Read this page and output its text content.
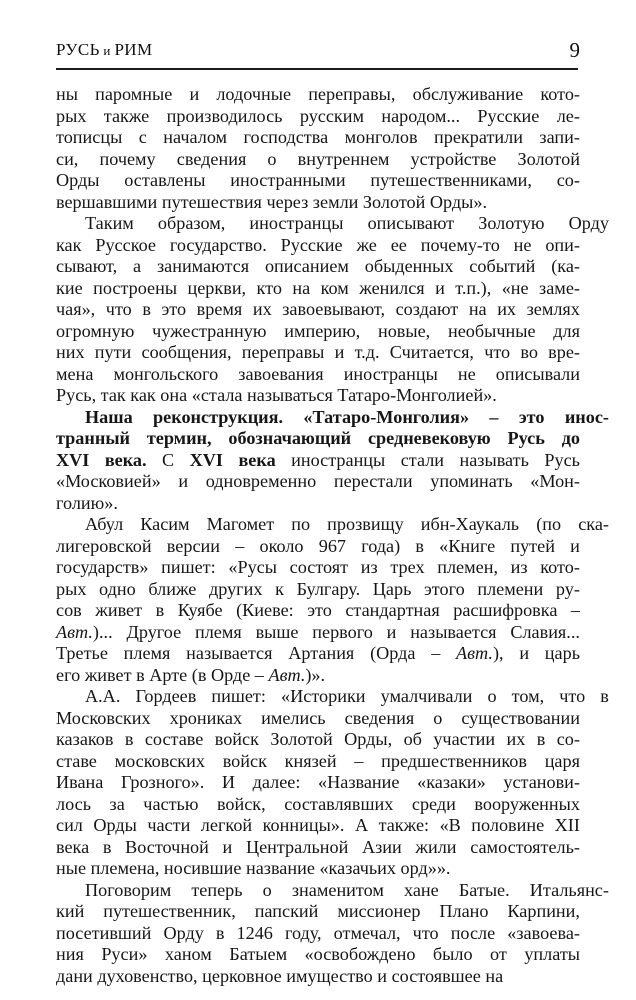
РУСЬ и РИМ	9
ны паромные и лодочные переправы, обслуживание кото-
рых также производилось русским народом... Русские ле-
тописцы с началом господства монголов прекратили запи-
си, почему сведения о внутреннем устройстве Золотой
Орды оставлены иностранными путешественниками, со-
вершавшими путешествия через земли Золотой Орды».
Таким образом, иностранцы описывают Золотую Орду
как Русское государство. Русские же ее почему-то не опи-
сывают, а занимаются описанием обыденных событий (ка-
кие построены церкви, кто на ком женился и т.п.), «не заме-
чая», что в это время их завоевывают, создают на их землях
огромную чужестранную империю, новые, необычные для
них пути сообщения, переправы и т.д. Считается, что во вре-
мена монгольского завоевания иностранцы не описывали
Русь, так как она «стала называться Татаро-Монголией».
Наша реконструкция. «Татаро-Монголия» – это инос-
транный термин, обозначающий средневековую Русь до
XVI века. С XVI века иностранцы стали называть Русь
«Московией» и одновременно перестали упоминать «Мон-
голию».
Абул Касим Магомет по прозвищу ибн-Хаукаль (по ска-
лигеровской версии – около 967 года) в «Книге путей и
государств» пишет: «Русы состоят из трех племен, из кото-
рых одно ближе других к Булгару. Царь этого племени ру-
сов живет в Куябе (Киеве: это стандартная расшифровка –
Авт.)... Другое племя выше первого и называется Славия...
Третье племя называется Артания (Орда – Авт.), и царь
его живет в Арте (в Орде – Авт.)».
А.А. Гордеев пишет: «Историки умалчивали о том, что в
Московских хрониках имелись сведения о существовании
казаков в составе войск Золотой Орды, об участии их в со-
ставе московских войск князей – предшественников царя
Ивана Грозного». И далее: «Название «казаки» установи-
лось за частью войск, составлявших среди вооруженных
сил Орды части легкой конницы». А также: «В половине XII
века в Восточной и Центральной Азии жили самостоятель-
ные племена, носившие название «казачьих орд»».
Поговорим теперь о знаменитом хане Батые. Итальянс-
кий путешественник, папский миссионер Плано Карпини,
посетивший Орду в 1246 году, отмечал, что после «завоева-
ния Руси» ханом Батыем «освобождено было от уплаты
дани духовенство, церковное имущество и состоявшее на
